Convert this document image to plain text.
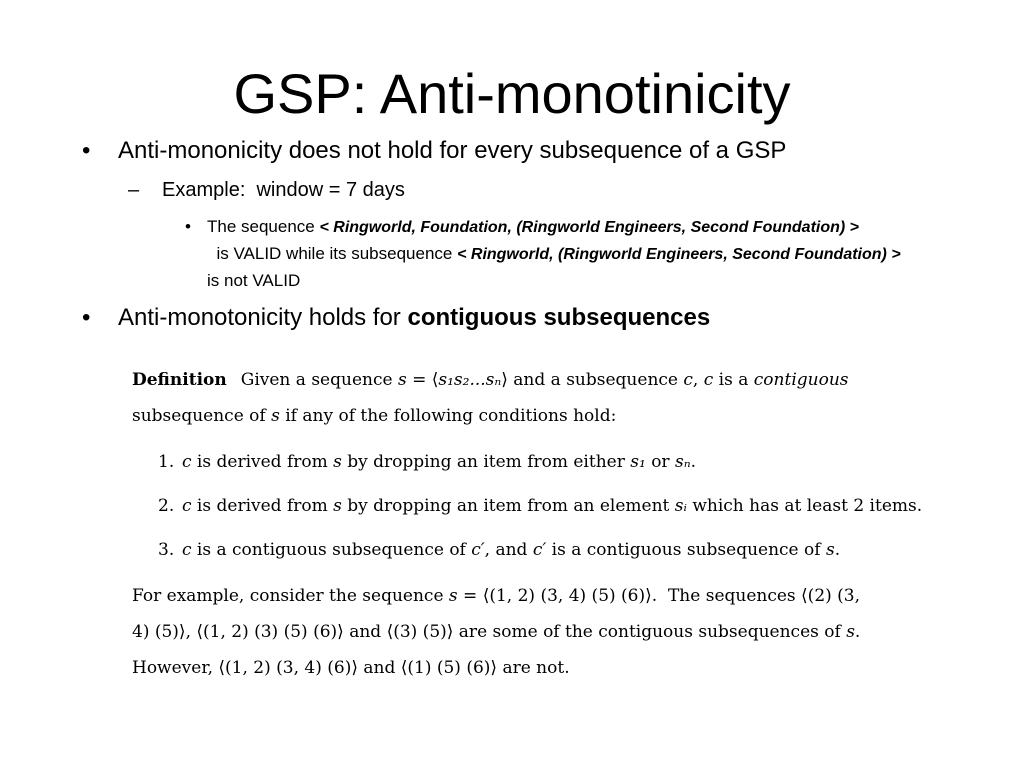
GSP: Anti-monotinicity
• Anti-mononicity does not hold for every subsequence of a GSP
– Example:  window = 7 days
• The sequence < Ringworld, Foundation, (Ringworld Engineers, Second Foundation) >  is VALID while its subsequence < Ringworld, (Ringworld Engineers, Second Foundation) > is not VALID
• Anti-monotonicity holds for contiguous subsequences
Definition Given a sequence s = ⟨s₁s₂...sₙ⟩ and a subsequence c, c is a contiguous
subsequence of s if any of the following conditions hold:
1. c is derived from s by dropping an item from either s₁ or sₙ.
2. c is derived from s by dropping an item from an element sᵢ which has at least 2 items.
3. c is a contiguous subsequence of c′, and c′ is a contiguous subsequence of s.
For example, consider the sequence s = ⟨(1, 2) (3, 4) (5) (6)⟩.  The sequences ⟨(2) (3,
4) (5)⟩, ⟨(1, 2) (3) (5) (6)⟩ and ⟨(3) (5)⟩ are some of the contiguous subsequences of s.
However, ⟨(1, 2) (3, 4) (6)⟩ and ⟨(1) (5) (6)⟩ are not.
